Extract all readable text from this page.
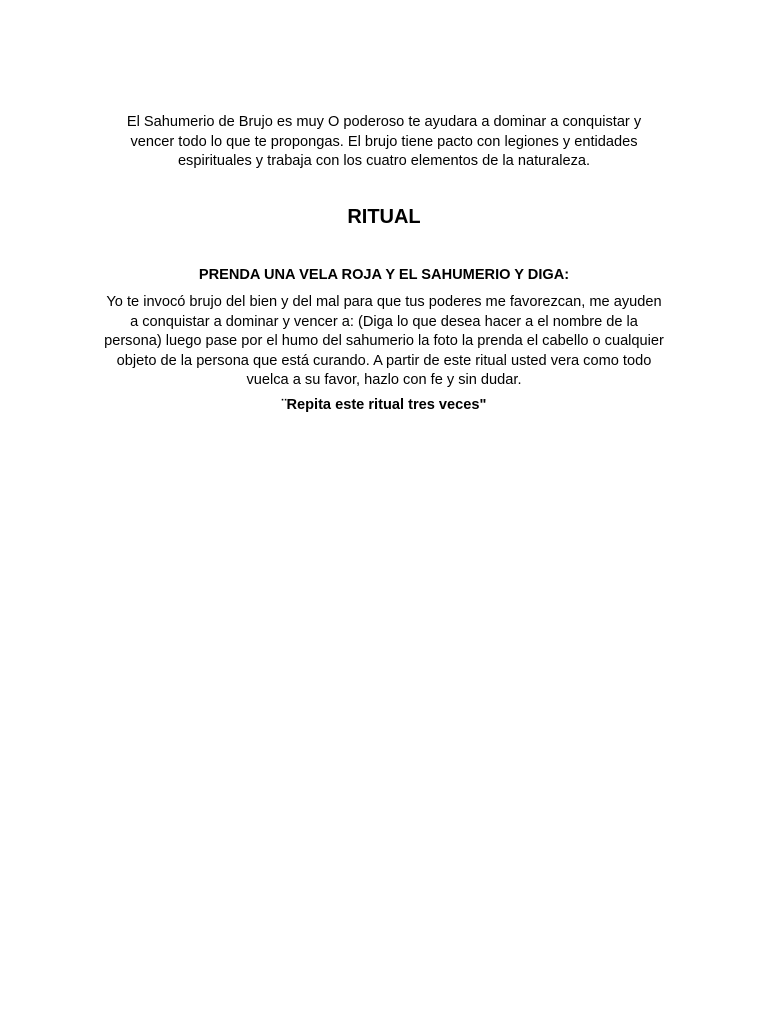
El Sahumerio de Brujo es muy O poderoso te ayudara a dominar a conquistar y vencer todo lo que te propongas. El brujo tiene pacto con legiones y entidades espirituales y trabaja con los cuatro elementos de la naturaleza.

RITUAL
PRENDA UNA VELA ROJA Y EL SAHUMERIO Y DIGA:

Yo te invocó brujo del bien y del mal para que tus poderes me favorezcan, me ayuden a conquistar a dominar y vencer a: (Diga lo que desea hacer a el nombre de la persona) luego pase por el humo del sahumerio la foto la prenda el cabello o cualquier objeto de la persona que está curando. A partir de este ritual usted vera como todo vuelca a su favor, hazlo con fe y sin dudar.

¨Repita este ritual tres veces"
